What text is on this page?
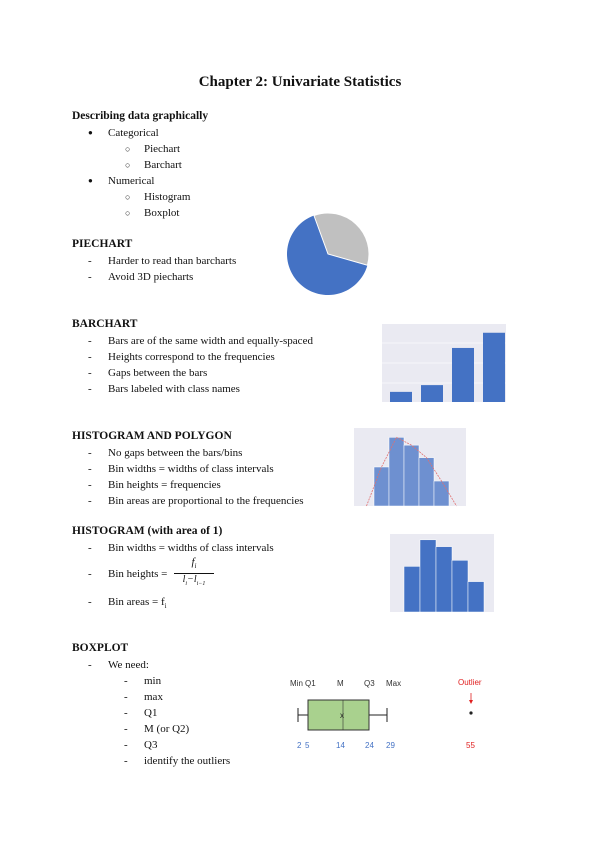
Chapter 2: Univariate Statistics
Describing data graphically
● Categorical
○ Piechart
○ Barchart
● Numerical
○ Histogram
○ Boxplot
PIECHART
- Harder to read than barcharts
- Avoid 3D piecharts
BARCHART
- Bars are of the same width and equally-spaced
- Heights correspond to the frequencies
- Gaps between the bars
- Bars labeled with class names
HISTOGRAM AND POLYGON
- No gaps between the bars/bins
- Bin widths = widths of class intervals
- Bin heights = frequencies
- Bin areas are proportional to the frequencies
HISTOGRAM (with area of 1)
- Bin widths = widths of class intervals
- Bin heights =
$f_i$
$l_i-l_{i-1}$
- Bin areas = $f_i$
BOXPLOT
- We need:
- min
- max
- Q1
- M (or Q2)
- Q3
- identify the outliers
Min Q1	M	Q3 Max	Outlier
x
2 5	14	24 29	55
